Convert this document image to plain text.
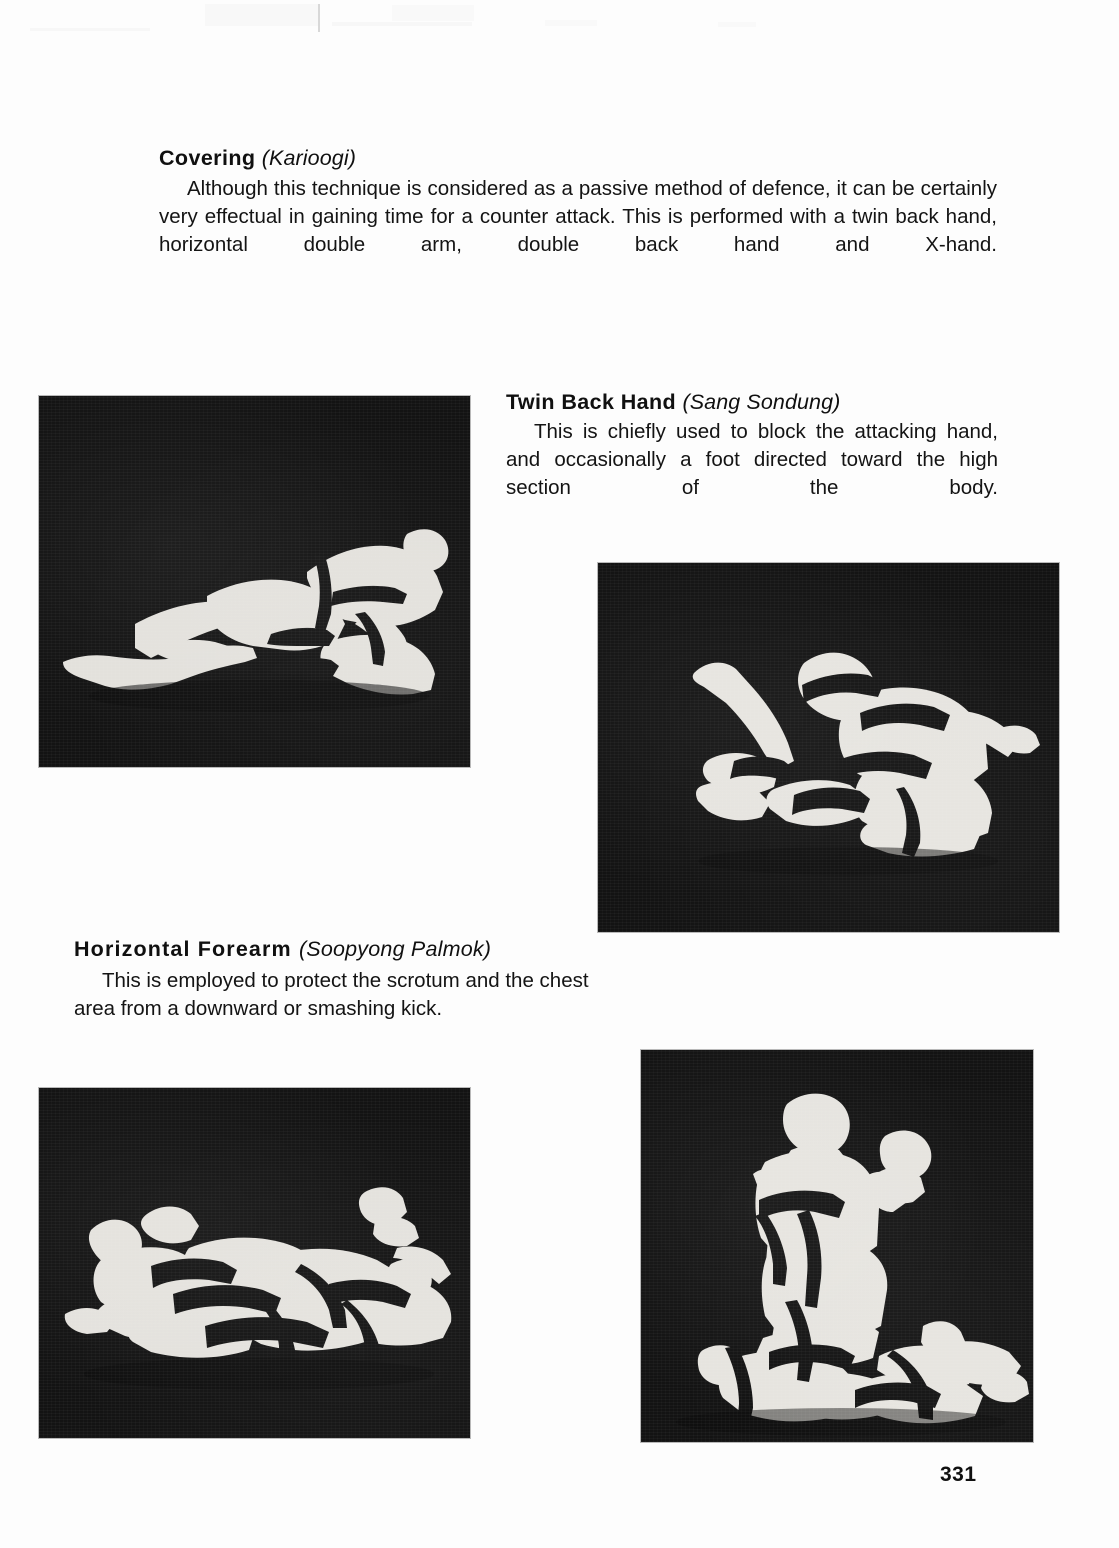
Covering (Karioogi)

Although this technique is considered as a passive method of defence, it can be certainly very effectual in gaining time for a counter attack. This is performed with a twin back hand, horizontal double arm, double back hand and X-hand.

Twin Back Hand (Sang Sondung)

This is chiefly used to block the attacking hand, and occasionally a foot directed toward the high section of the body.

Horizontal Forearm (Soopyong Palmok)

This is employed to protect the scrotum and the chest area from a downward or smashing kick.

331
